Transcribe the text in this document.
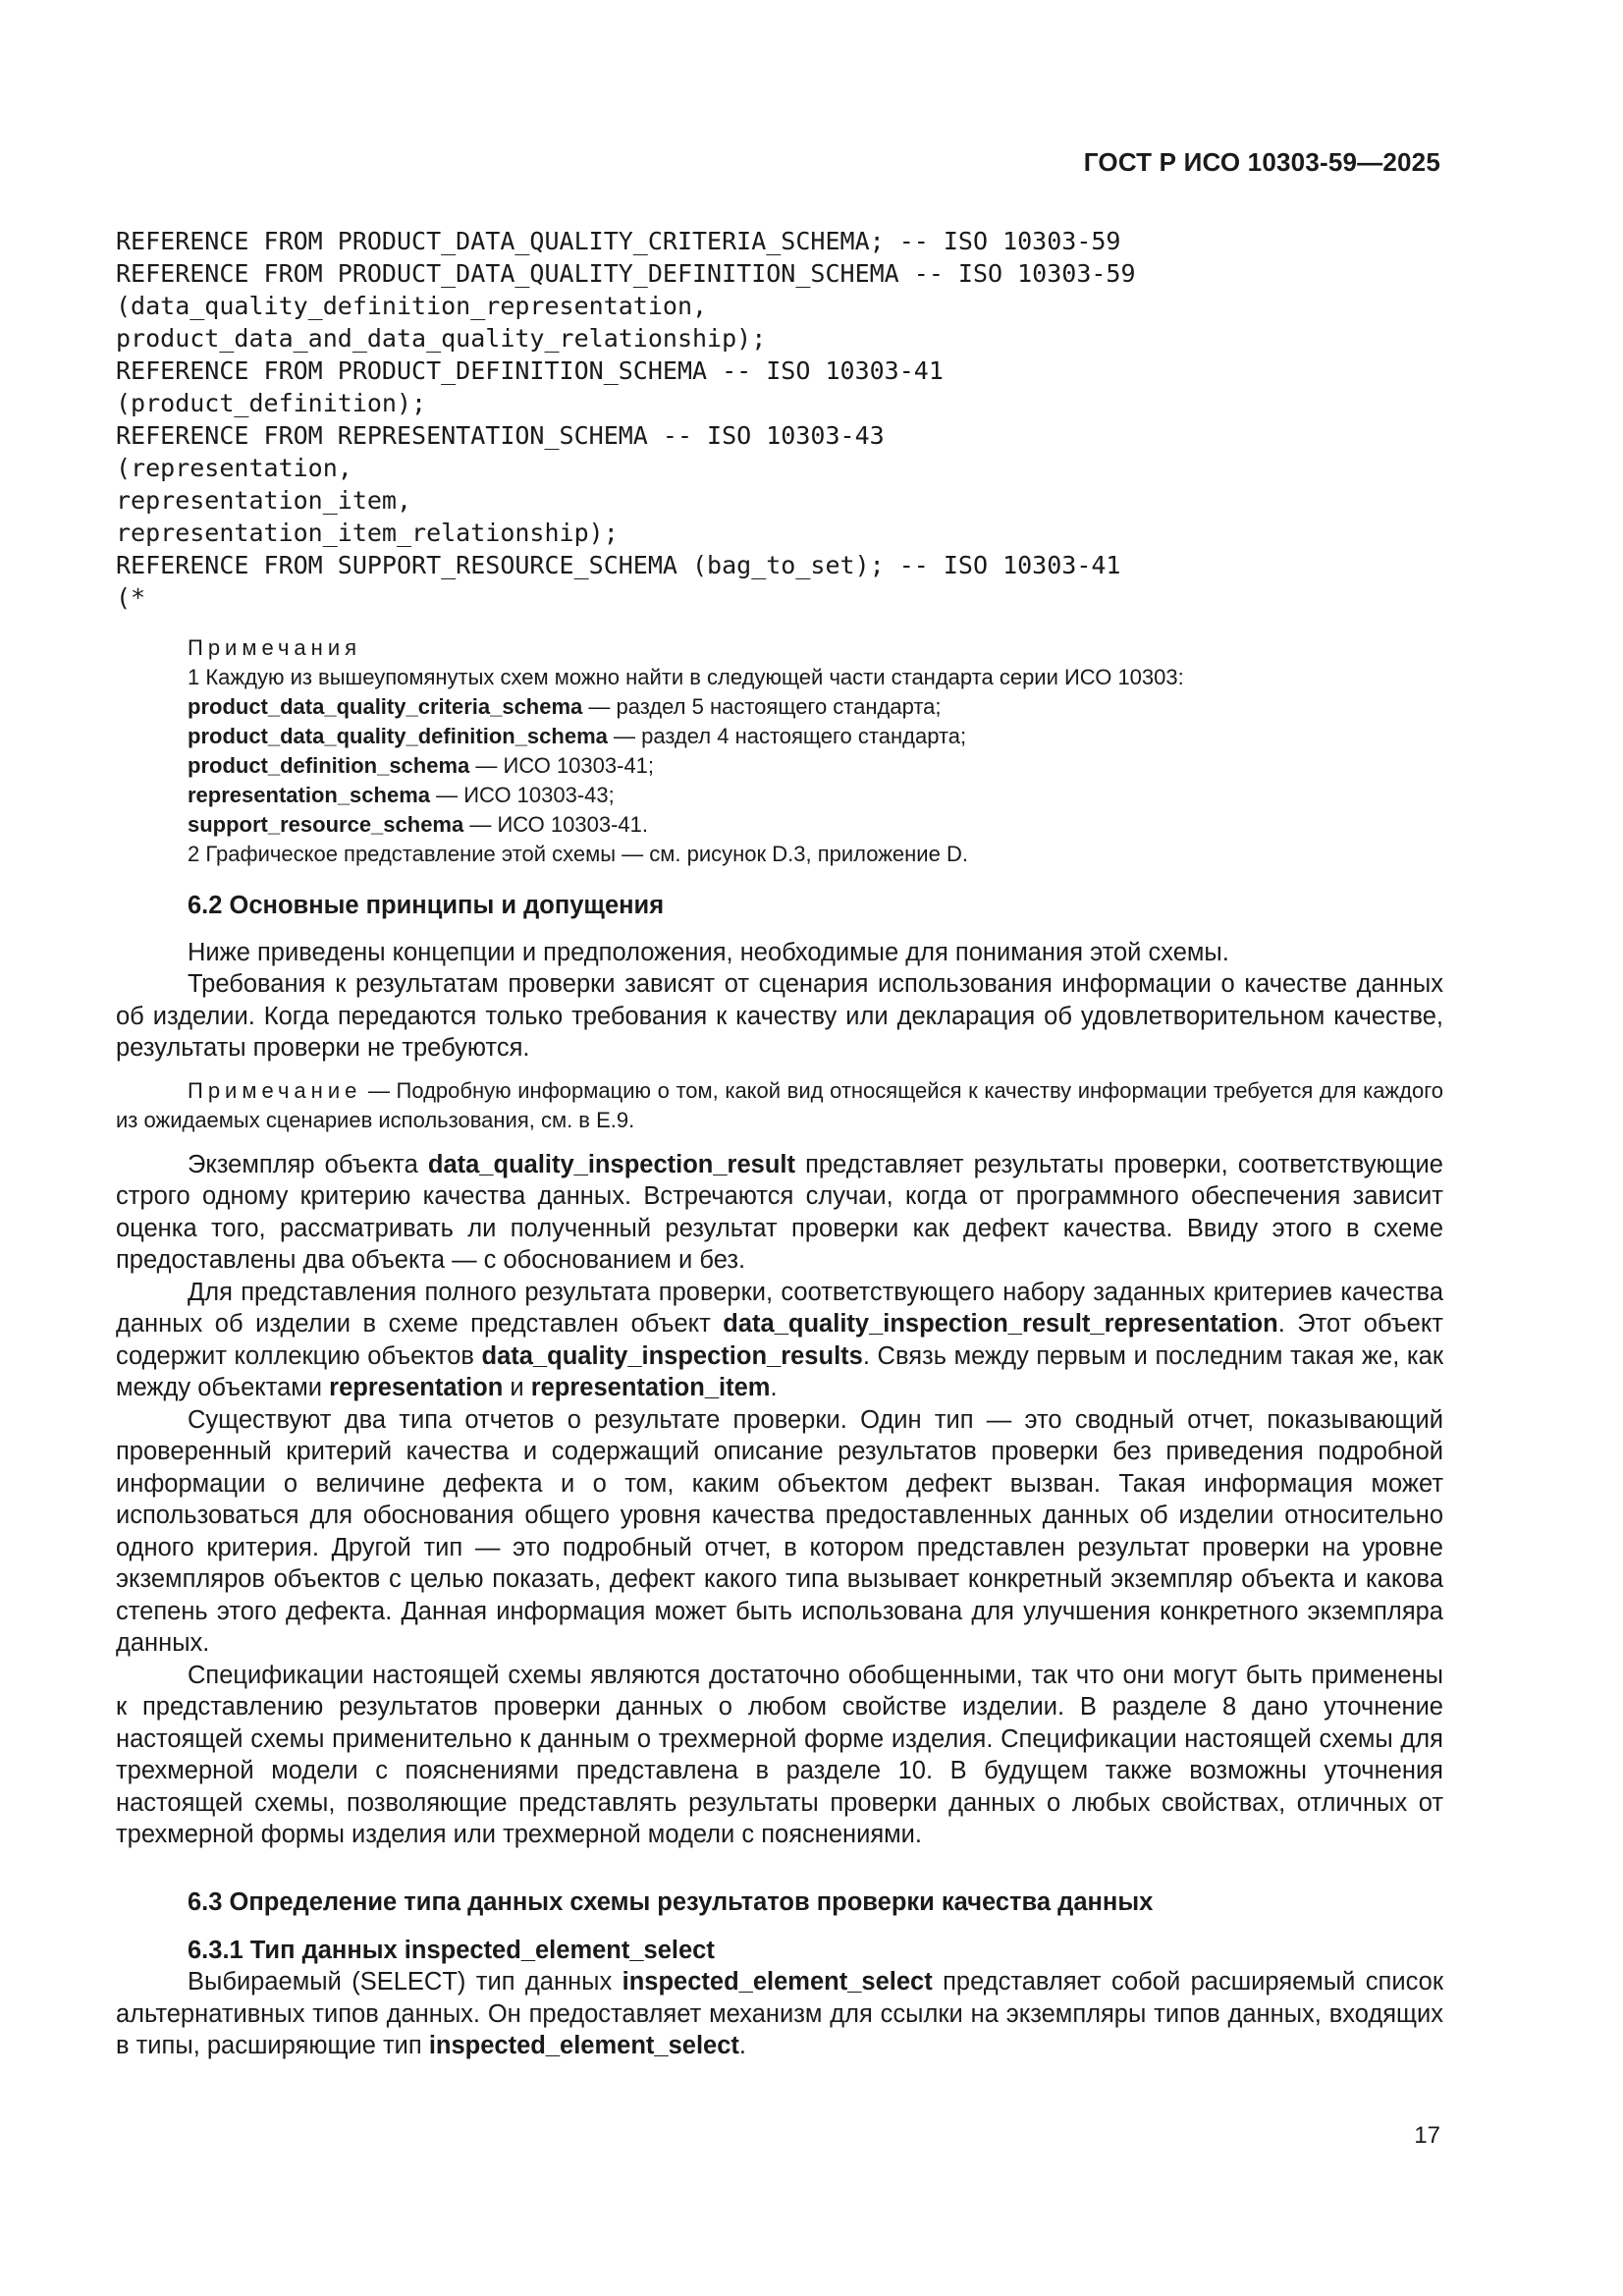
ГОСТ Р ИСО 10303-59—2025
REFERENCE FROM PRODUCT_DATA_QUALITY_CRITERIA_SCHEMA; -- ISO 10303-59
REFERENCE FROM PRODUCT_DATA_QUALITY_DEFINITION_SCHEMA -- ISO 10303-59
(data_quality_definition_representation,
product_data_and_data_quality_relationship);
REFERENCE FROM PRODUCT_DEFINITION_SCHEMA -- ISO 10303-41
(product_definition);
REFERENCE FROM REPRESENTATION_SCHEMA -- ISO 10303-43
(representation,
representation_item,
representation_item_relationship);
REFERENCE FROM SUPPORT_RESOURCE_SCHEMA (bag_to_set); -- ISO 10303-41
(*
Примечания
1 Каждую из вышеупомянутых схем можно найти в следующей части стандарта серии ИСО 10303:
product_data_quality_criteria_schema — раздел 5 настоящего стандарта;
product_data_quality_definition_schema — раздел 4 настоящего стандарта;
product_definition_schema — ИСО 10303-41;
representation_schema — ИСО 10303-43;
support_resource_schema — ИСО 10303-41.
2 Графическое представление этой схемы — см. рисунок D.3, приложение D.
6.2 Основные принципы и допущения

Ниже приведены концепции и предположения, необходимые для понимания этой схемы.

Требования к результатам проверки зависят от сценария использования информации о качестве данных об изделии. Когда передаются только требования к качеству или декларация об удовлетворительном качестве, результаты проверки не требуются.

Примечание — Подробную информацию о том, какой вид относящейся к качеству информации требуется для каждого из ожидаемых сценариев использования, см. в Е.9.

Экземпляр объекта data_quality_inspection_result представляет результаты проверки, соответствующие строго одному критерию качества данных. Встречаются случаи, когда от программного обеспечения зависит оценка того, рассматривать ли полученный результат проверки как дефект качества. Ввиду этого в схеме предоставлены два объекта — с обоснованием и без.

Для представления полного результата проверки, соответствующего набору заданных критериев качества данных об изделии в схеме представлен объект data_quality_inspection_result_representation. Этот объект содержит коллекцию объектов data_quality_inspection_results. Связь между первым и последним такая же, как между объектами representation и representation_item.

Существуют два типа отчетов о результате проверки. Один тип — это сводный отчет, показывающий проверенный критерий качества и содержащий описание результатов проверки без приведения подробной информации о величине дефекта и о том, каким объектом дефект вызван. Такая информация может использоваться для обоснования общего уровня качества предоставленных данных об изделии относительно одного критерия. Другой тип — это подробный отчет, в котором представлен результат проверки на уровне экземпляров объектов с целью показать, дефект какого типа вызывает конкретный экземпляр объекта и какова степень этого дефекта. Данная информация может быть использована для улучшения конкретного экземпляра данных.

Спецификации настоящей схемы являются достаточно обобщенными, так что они могут быть применены к представлению результатов проверки данных о любом свойстве изделии. В разделе 8 дано уточнение настоящей схемы применительно к данным о трехмерной форме изделия. Спецификации настоящей схемы для трехмерной модели с пояснениями представлена в разделе 10. В будущем также возможны уточнения настоящей схемы, позволяющие представлять результаты проверки данных о любых свойствах, отличных от трехмерной формы изделия или трехмерной модели с пояснениями.

6.3 Определение типа данных схемы результатов проверки качества данных
6.3.1 Тип данных inspected_element_select

Выбираемый (SELECT) тип данных inspected_element_select представляет собой расширяемый список альтернативных типов данных. Он предоставляет механизм для ссылки на экземпляры типов данных, входящих в типы, расширяющие тип inspected_element_select.

17
